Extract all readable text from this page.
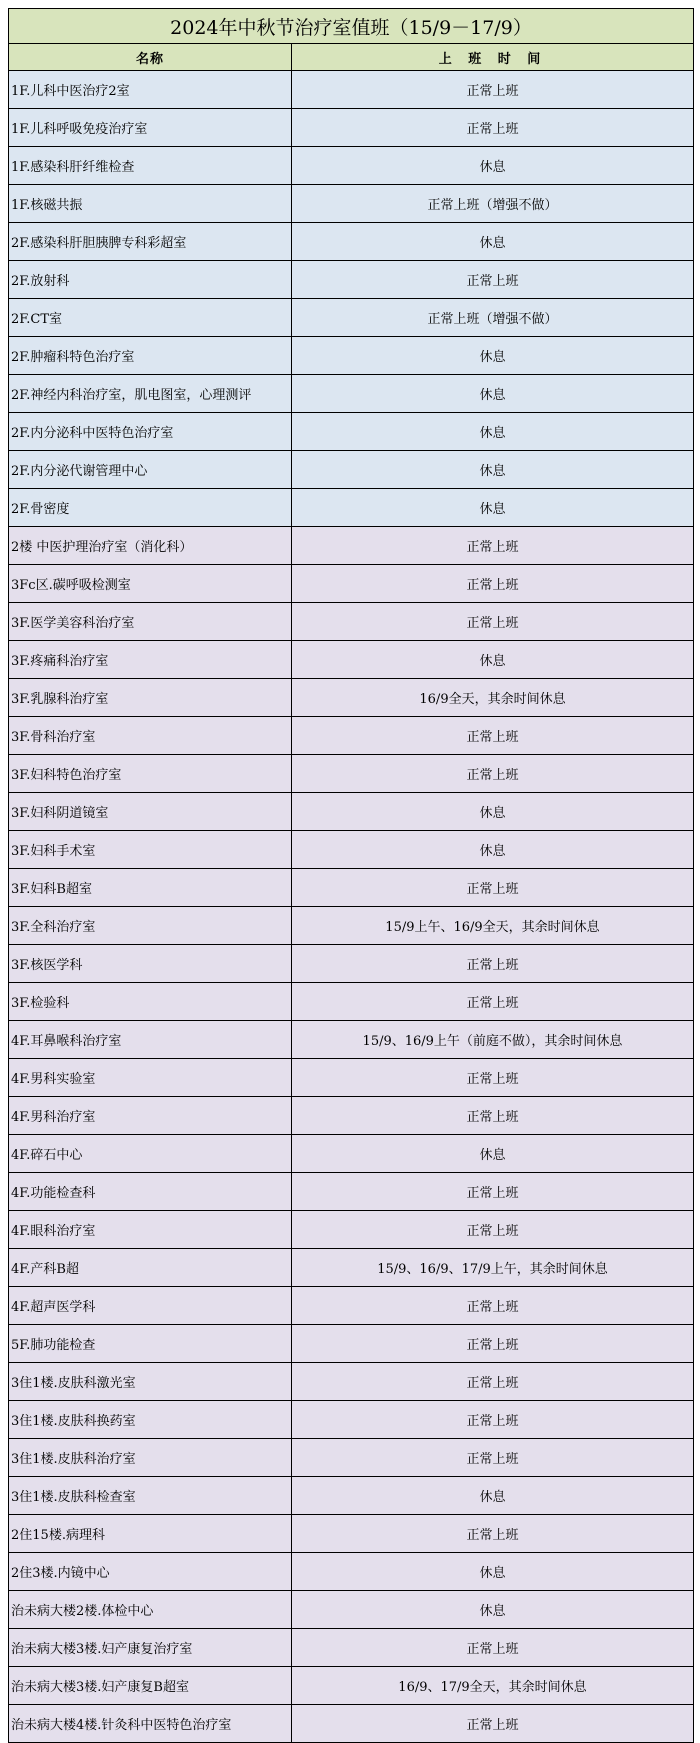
2024年中秋节治疗室值班（15/9－17/9）	
名称	上 班 时 间
1F.儿科中医治疗2室	正常上班
1F.儿科呼吸免疫治疗室	正常上班
1F.感染科肝纤维检查	休息
1F.核磁共振	正常上班（增强不做）
2F.感染科肝胆胰脾专科彩超室	休息
2F.放射科	正常上班
2F.CT室	正常上班（增强不做）
2F.肿瘤科特色治疗室	休息
2F.神经内科治疗室，肌电图室，心理测评	休息
2F.内分泌科中医特色治疗室	休息
2F.内分泌代谢管理中心	休息
2F.骨密度	休息
2楼 中医护理治疗室（消化科）	正常上班
3Fc区.碳呼吸检测室	正常上班
3F.医学美容科治疗室	正常上班
3F.疼痛科治疗室	休息
3F.乳腺科治疗室	16/9全天，其余时间休息
3F.骨科治疗室	正常上班
3F.妇科特色治疗室	正常上班
3F.妇科阴道镜室	休息
3F.妇科手术室	休息
3F.妇科B超室	正常上班
3F.全科治疗室	15/9上午、16/9全天，其余时间休息
3F.核医学科	正常上班
3F.检验科	正常上班
4F.耳鼻喉科治疗室	15/9、16/9上午（前庭不做），其余时间休息
4F.男科实验室	正常上班
4F.男科治疗室	正常上班
4F.碎石中心	休息
4F.功能检查科	正常上班
4F.眼科治疗室	正常上班
4F.产科B超	15/9、16/9、17/9上午，其余时间休息
4F.超声医学科	正常上班
5F.肺功能检查	正常上班
3住1楼.皮肤科激光室	正常上班
3住1楼.皮肤科换药室	正常上班
3住1楼.皮肤科治疗室	正常上班
3住1楼.皮肤科检查室	休息
2住15楼.病理科	正常上班
2住3楼.内镜中心	休息
治未病大楼2楼.体检中心	休息
治未病大楼3楼.妇产康复治疗室	正常上班
治未病大楼3楼.妇产康复B超室	16/9、17/9全天，其余时间休息
治未病大楼4楼.针灸科中医特色治疗室	正常上班
